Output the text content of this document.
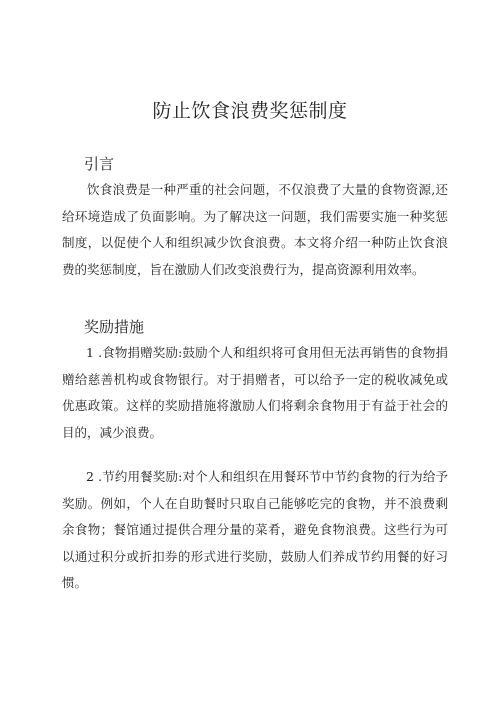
防止饮食浪费奖惩制度
引言

饮食浪费是一种严重的社会问题，不仅浪费了大量的食物资源,还给环境造成了负面影响。为了解决这一问题，我们需要实施一种奖惩制度，以促使个人和组织减少饮食浪费。本文将介绍一种防止饮食浪费的奖惩制度，旨在激励人们改变浪费行为，提高资源利用效率。

奖励措施

1 .食物捐赠奖励:鼓励个人和组织将可食用但无法再销售的食物捐赠给慈善机构或食物银行。对于捐赠者，可以给予一定的税收减免或优惠政策。这样的奖励措施将激励人们将剩余食物用于有益于社会的目的，减少浪费。

2 .节约用餐奖励:对个人和组织在用餐环节中节约食物的行为给予奖励。例如，个人在自助餐时只取自己能够吃完的食物，并不浪费剩余食物；餐馆通过提供合理分量的菜肴，避免食物浪费。这些行为可以通过积分或折扣券的形式进行奖励，鼓励人们养成节约用餐的好习惯。
